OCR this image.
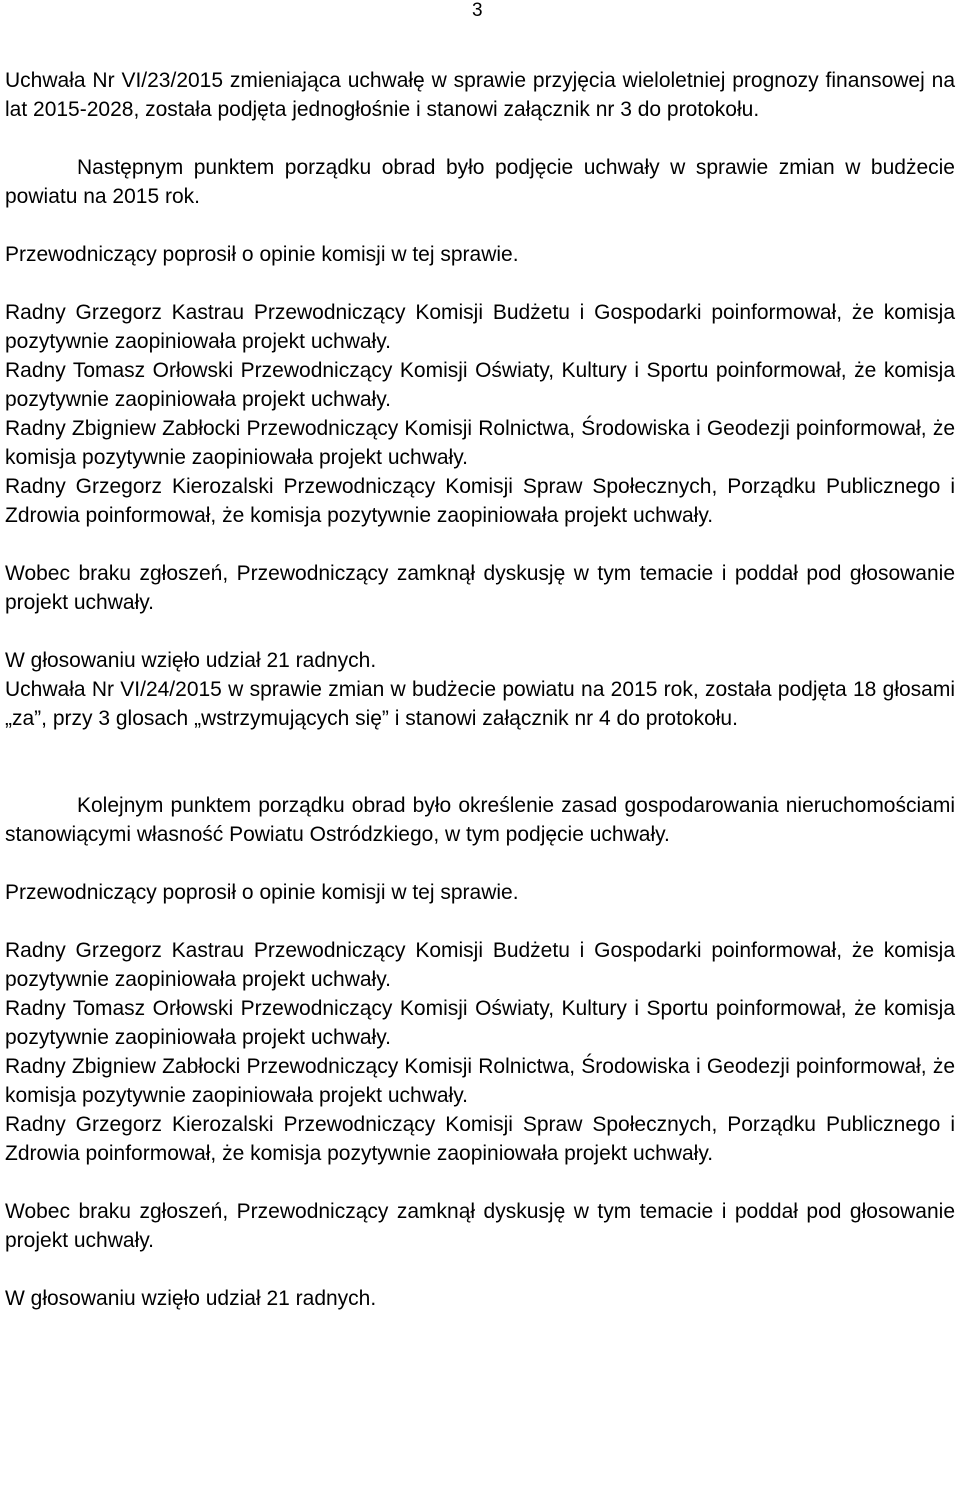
3

Uchwała Nr VI/23/2015 zmieniająca uchwałę w sprawie przyjęcia wieloletniej prognozy finansowej na lat 2015-2028, została podjęta jednogłośnie i stanowi załącznik nr 3 do protokołu.

Następnym punktem porządku obrad było podjęcie uchwały w sprawie zmian w budżecie powiatu na 2015 rok.

Przewodniczący poprosił o opinie komisji w tej sprawie.

Radny Grzegorz Kastrau Przewodniczący Komisji Budżetu i Gospodarki poinformował, że komisja pozytywnie zaopiniowała projekt uchwały.

Radny Tomasz Orłowski Przewodniczący Komisji Oświaty, Kultury i Sportu poinformował, że komisja pozytywnie zaopiniowała projekt uchwały.

Radny Zbigniew Zabłocki Przewodniczący Komisji Rolnictwa, Środowiska i Geodezji poinformował, że komisja pozytywnie zaopiniowała projekt uchwały.

Radny Grzegorz Kierozalski Przewodniczący Komisji Spraw Społecznych, Porządku Publicznego i Zdrowia poinformował, że komisja pozytywnie zaopiniowała projekt uchwały.

Wobec braku zgłoszeń, Przewodniczący zamknął dyskusję w tym temacie i poddał pod głosowanie projekt uchwały.

W głosowaniu wzięło udział 21 radnych.

Uchwała Nr VI/24/2015 w sprawie zmian w budżecie powiatu na 2015 rok, została podjęta 18 głosami „za”, przy 3 glosach „wstrzymujących się” i stanowi załącznik nr 4 do protokołu.

Kolejnym punktem porządku obrad było określenie zasad gospodarowania nieruchomościami stanowiącymi własność Powiatu Ostródzkiego, w tym podjęcie uchwały.

Przewodniczący poprosił o opinie komisji w tej sprawie.

Radny Grzegorz Kastrau Przewodniczący Komisji Budżetu i Gospodarki poinformował, że komisja pozytywnie zaopiniowała projekt uchwały.

Radny Tomasz Orłowski Przewodniczący Komisji Oświaty, Kultury i Sportu poinformował, że komisja pozytywnie zaopiniowała projekt uchwały.

Radny Zbigniew Zabłocki Przewodniczący Komisji Rolnictwa, Środowiska i Geodezji poinformował, że komisja pozytywnie zaopiniowała projekt uchwały.

Radny Grzegorz Kierozalski Przewodniczący Komisji Spraw Społecznych, Porządku Publicznego i Zdrowia poinformował, że komisja pozytywnie zaopiniowała projekt uchwały.

Wobec braku zgłoszeń, Przewodniczący zamknął dyskusję w tym temacie i poddał pod głosowanie projekt uchwały.

W głosowaniu wzięło udział 21 radnych.
